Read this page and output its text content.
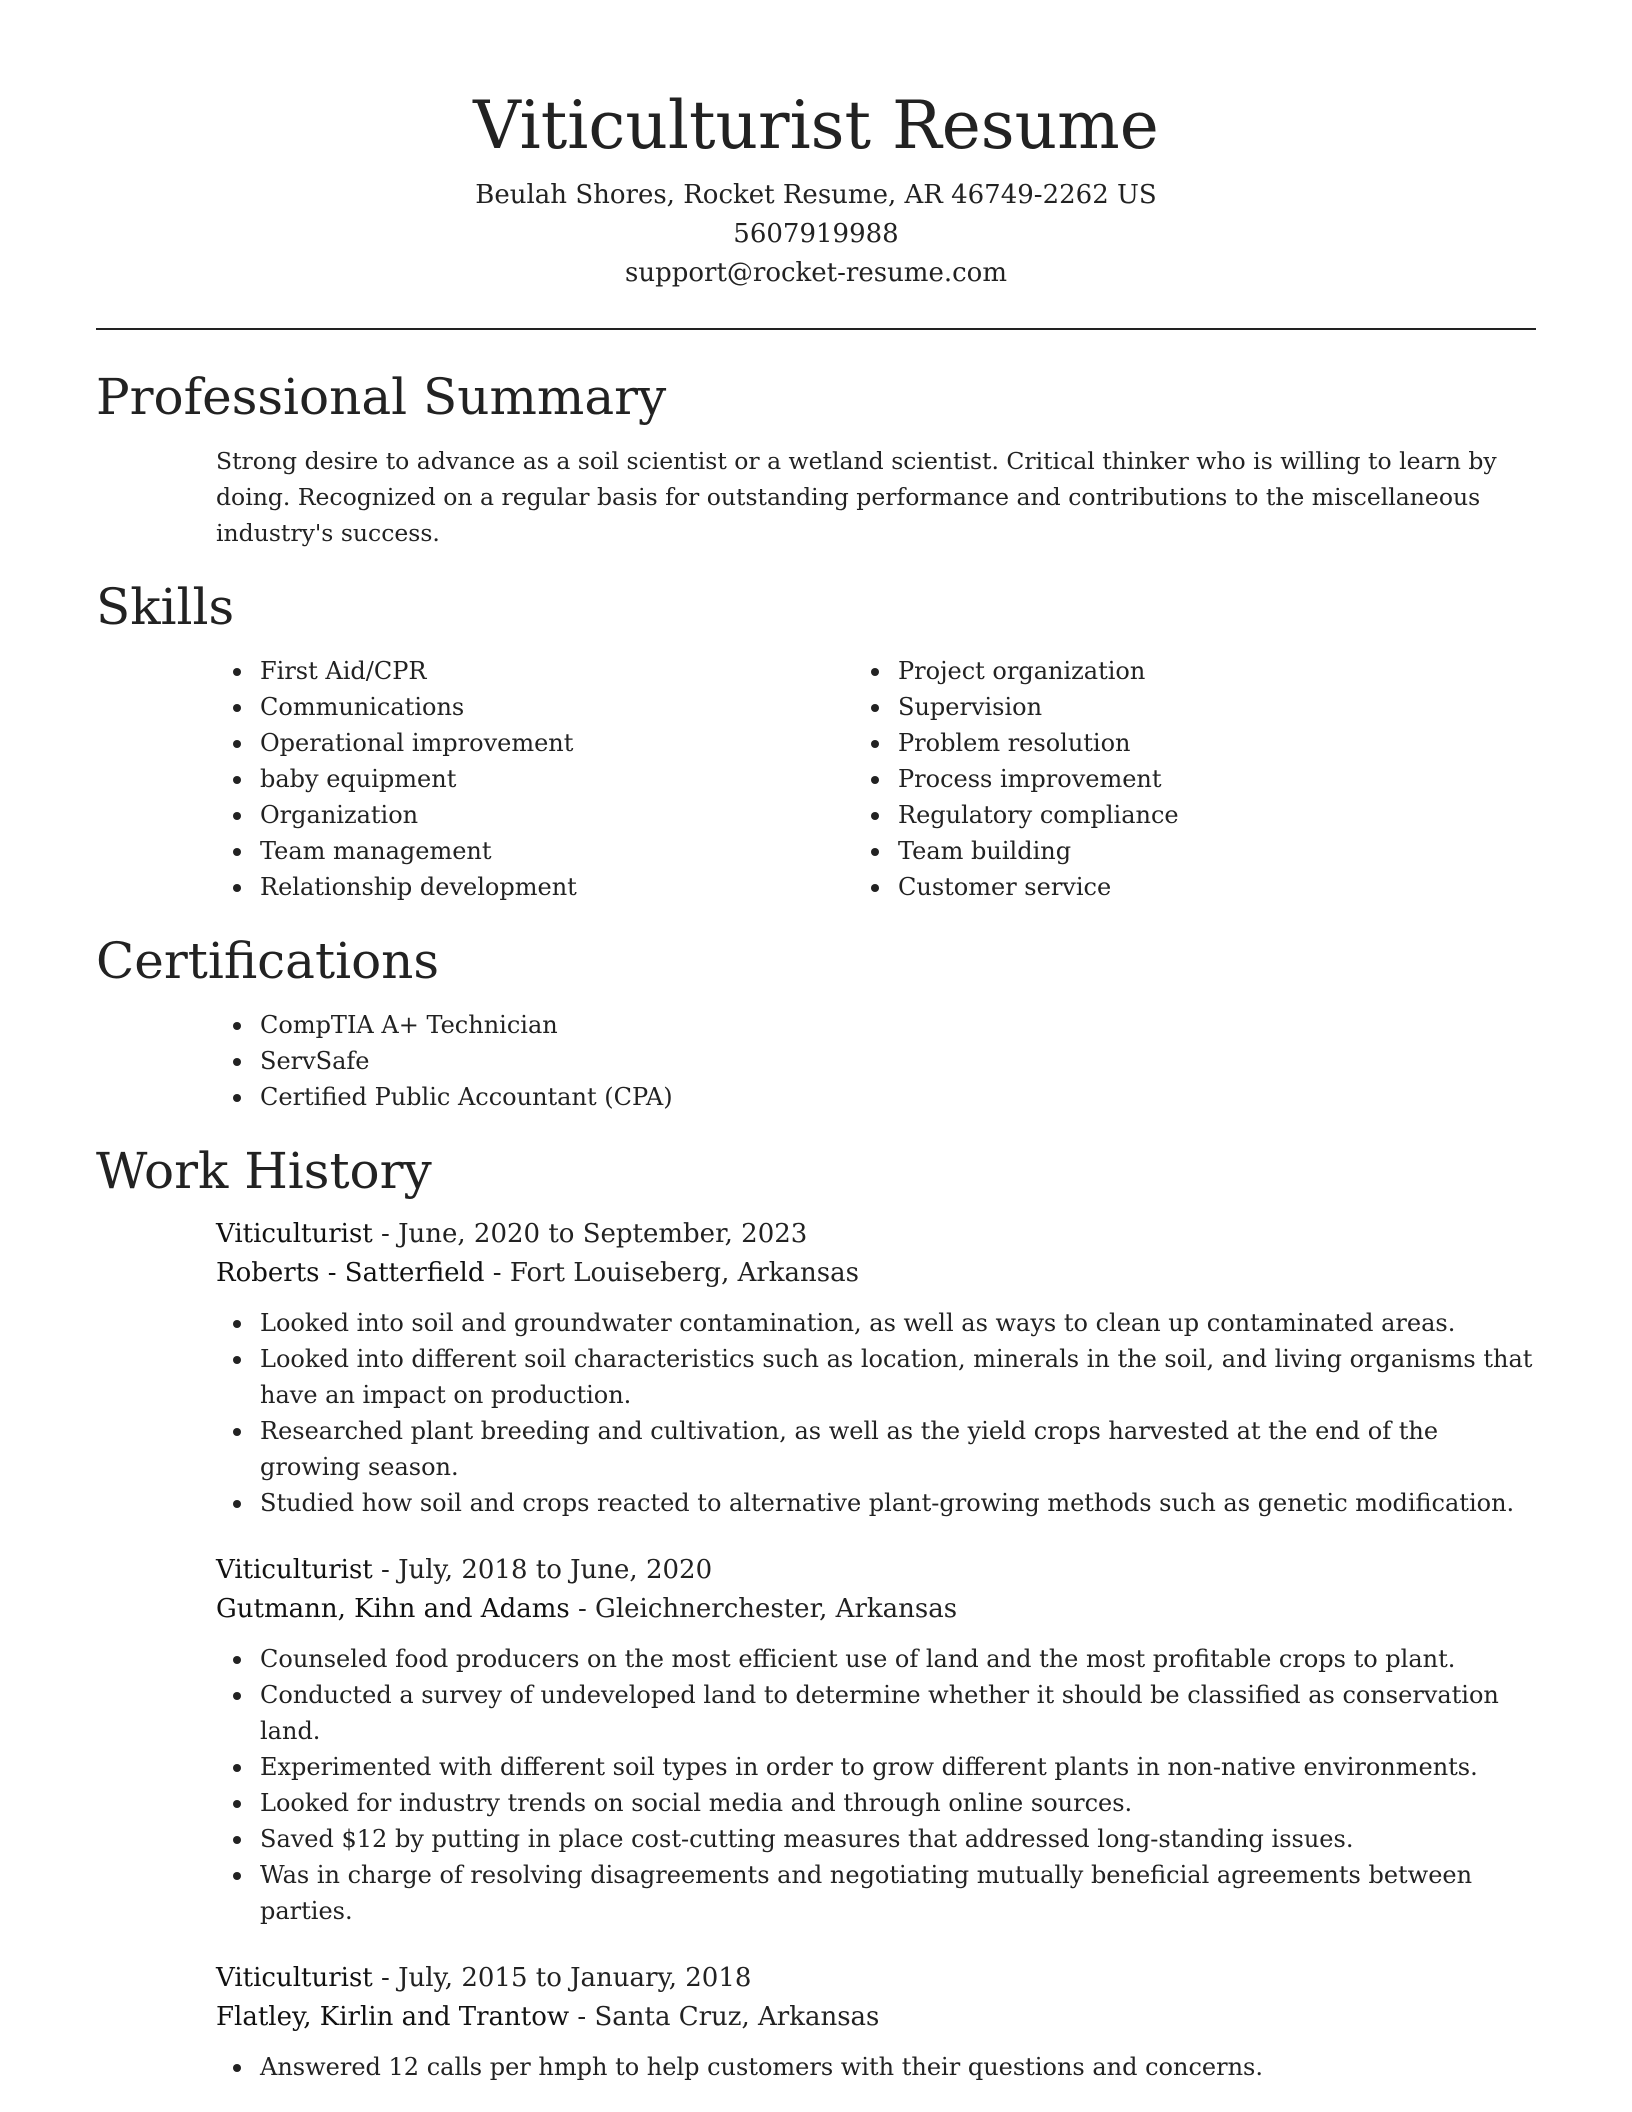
Viticulturist Resume
Beulah Shores, Rocket Resume, AR 46749-2262 US
5607919988
support@rocket-resume.com
Professional Summary
Strong desire to advance as a soil scientist or a wetland scientist. Critical thinker who is willing to learn by doing. Recognized on a regular basis for outstanding performance and contributions to the miscellaneous industry's success.
Skills
First Aid/CPR
Communications
Operational improvement
baby equipment
Organization
Team management
Relationship development
Project organization
Supervision
Problem resolution
Process improvement
Regulatory compliance
Team building
Customer service
Certifications
CompTIA A+ Technician
ServSafe
Certified Public Accountant (CPA)
Work History
Viticulturist - June, 2020 to September, 2023
Roberts - Satterfield - Fort Louiseberg, Arkansas
Looked into soil and groundwater contamination, as well as ways to clean up contaminated areas.
Looked into different soil characteristics such as location, minerals in the soil, and living organisms that have an impact on production.
Researched plant breeding and cultivation, as well as the yield crops harvested at the end of the growing season.
Studied how soil and crops reacted to alternative plant-growing methods such as genetic modification.
Viticulturist - July, 2018 to June, 2020
Gutmann, Kihn and Adams - Gleichnerchester, Arkansas
Counseled food producers on the most efficient use of land and the most profitable crops to plant.
Conducted a survey of undeveloped land to determine whether it should be classified as conservation land.
Experimented with different soil types in order to grow different plants in non-native environments.
Looked for industry trends on social media and through online sources.
Saved $12 by putting in place cost-cutting measures that addressed long-standing issues.
Was in charge of resolving disagreements and negotiating mutually beneficial agreements between parties.
Viticulturist - July, 2015 to January, 2018
Flatley, Kirlin and Trantow - Santa Cruz, Arkansas
Answered 12 calls per hmph to help customers with their questions and concerns.
